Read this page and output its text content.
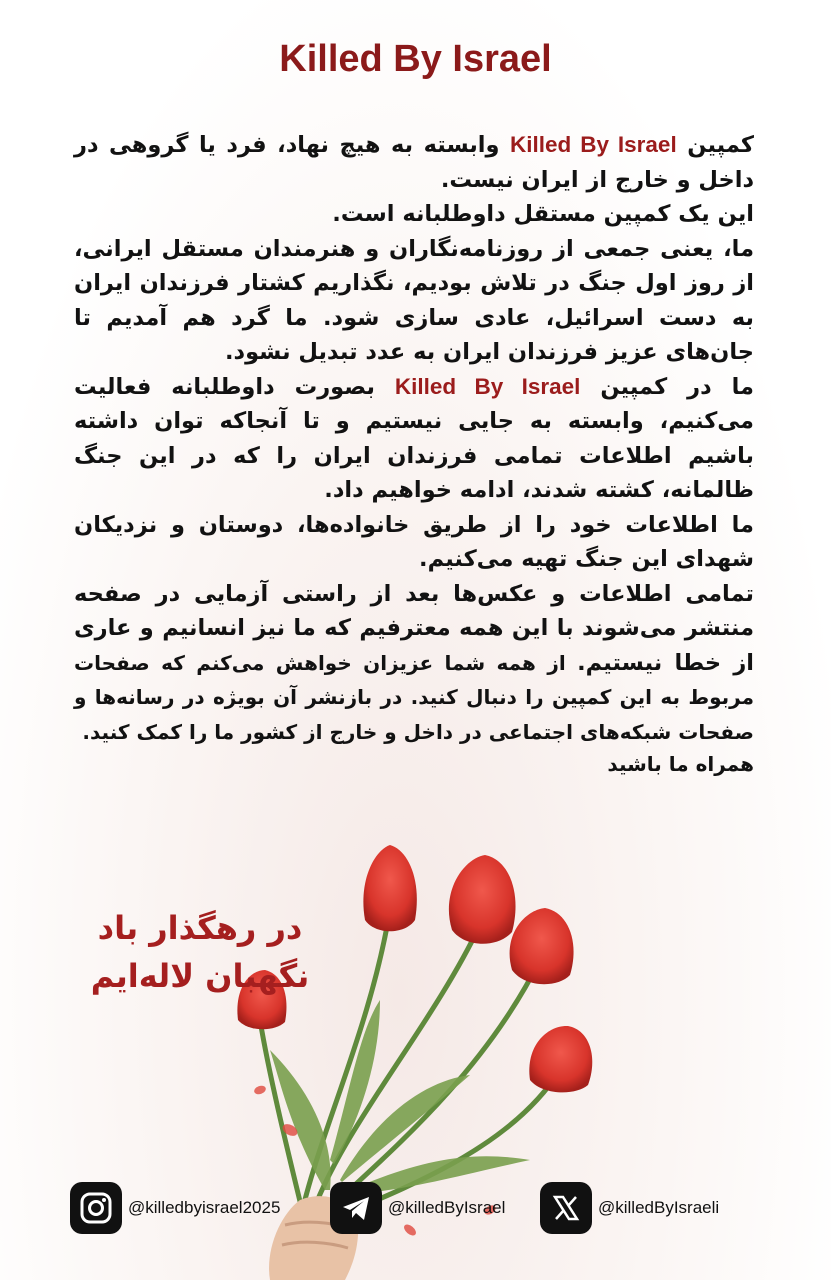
Killed By Israel

کمپین Killed By Israel وابسته به هیچ نهاد، فرد یا گروهی در داخل و خارج از ایران نیست.

این یک کمپین مستقل داوطلبانه است.

ما، یعنی جمعی از روزنامه‌نگاران و هنرمندان مستقل ایرانی، از روز اول جنگ در تلاش بودیم، نگذاریم کشتار فرزندان ایران به دست اسرائیل، عادی سازی شود. ما گرد هم آمدیم تا جان‌های عزیز فرزندان ایران به عدد تبدیل نشود.

ما در کمپین Killed By Israel بصورت داوطلبانه فعالیت می‌کنیم، وابسته به جایی نیستیم و تا آنجاکه توان داشته باشیم اطلاعات تمامی فرزندان ایران را که در این جنگ ظالمانه، کشته شدند، ادامه خواهیم داد.

ما اطلاعات خود را از طریق خانواده‌ها، دوستان و نزدیکان شهدای این جنگ تهیه می‌کنیم.

تمامی اطلاعات و عکس‌ها بعد از راستی آزمایی در صفحه منتشر می‌شوند با این همه معترفیم که ما نیز انسانیم و عاری از خطا نیستیم. از همه شما عزیزان خواهش می‌کنم که صفحات مربوط به این کمپین را دنبال کنید. در بازنشر آن بویژه در رسانه‌ها و صفحات شبکه‌های اجتماعی در داخل و خارج از کشور ما را کمک کنید.

همراه ما باشید

در رهگذار باد
نگهبان لاله‌ایم
@killedbyisrael2025	@killedByIsrael	@killedByIsraeli
